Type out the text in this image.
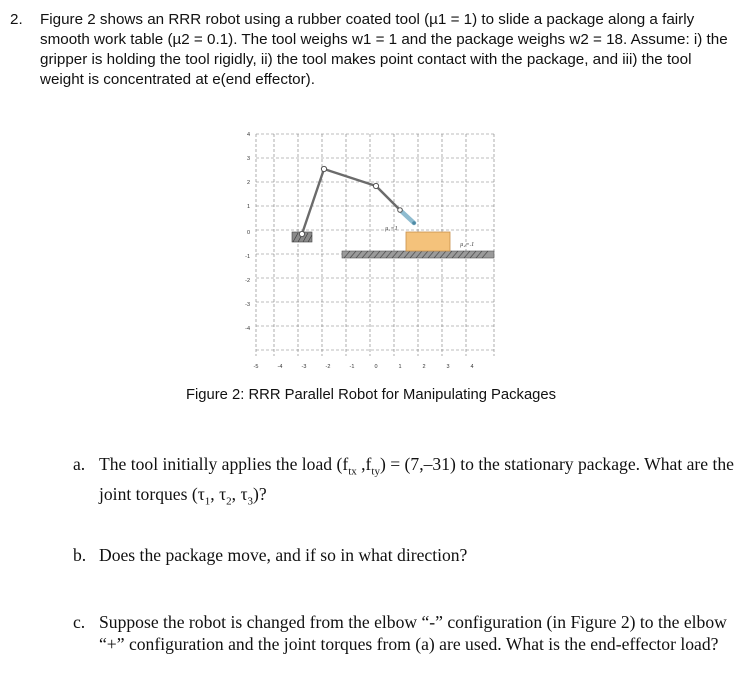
2. Figure 2 shows an RRR robot using a rubber coated tool (µ1 = 1) to slide a package along a fairly smooth work table (µ2 = 0.1). The tool weighs w1 = 1 and the package weighs w2 = 18. Assume: i) the gripper is holding the tool rigidly, ii) the tool makes point contact with the package, and iii) the tool weight is concentrated at e(end effector).
-5	-4	-3	-2	-1	0	1	2	3	4
4
3
2
1
0
-1
-2
-3
-4
µ₁=1
µ₂=.1
Figure 2: RRR Parallel Robot for Manipulating Packages
a. The tool initially applies the load ($f_{tx}$ $,f_{ty}) = (7,-31)$ to the stationary package. What are the joint torques ($\tau_1$, $\tau_2$, $\tau_3$)?
b. Does the package move, and if so in what direction?
c. Suppose the robot is changed from the elbow “-” configuration (in Figure 2) to the elbow “+” configuration and the joint torques from (a) are used. What is the end-effector load?
